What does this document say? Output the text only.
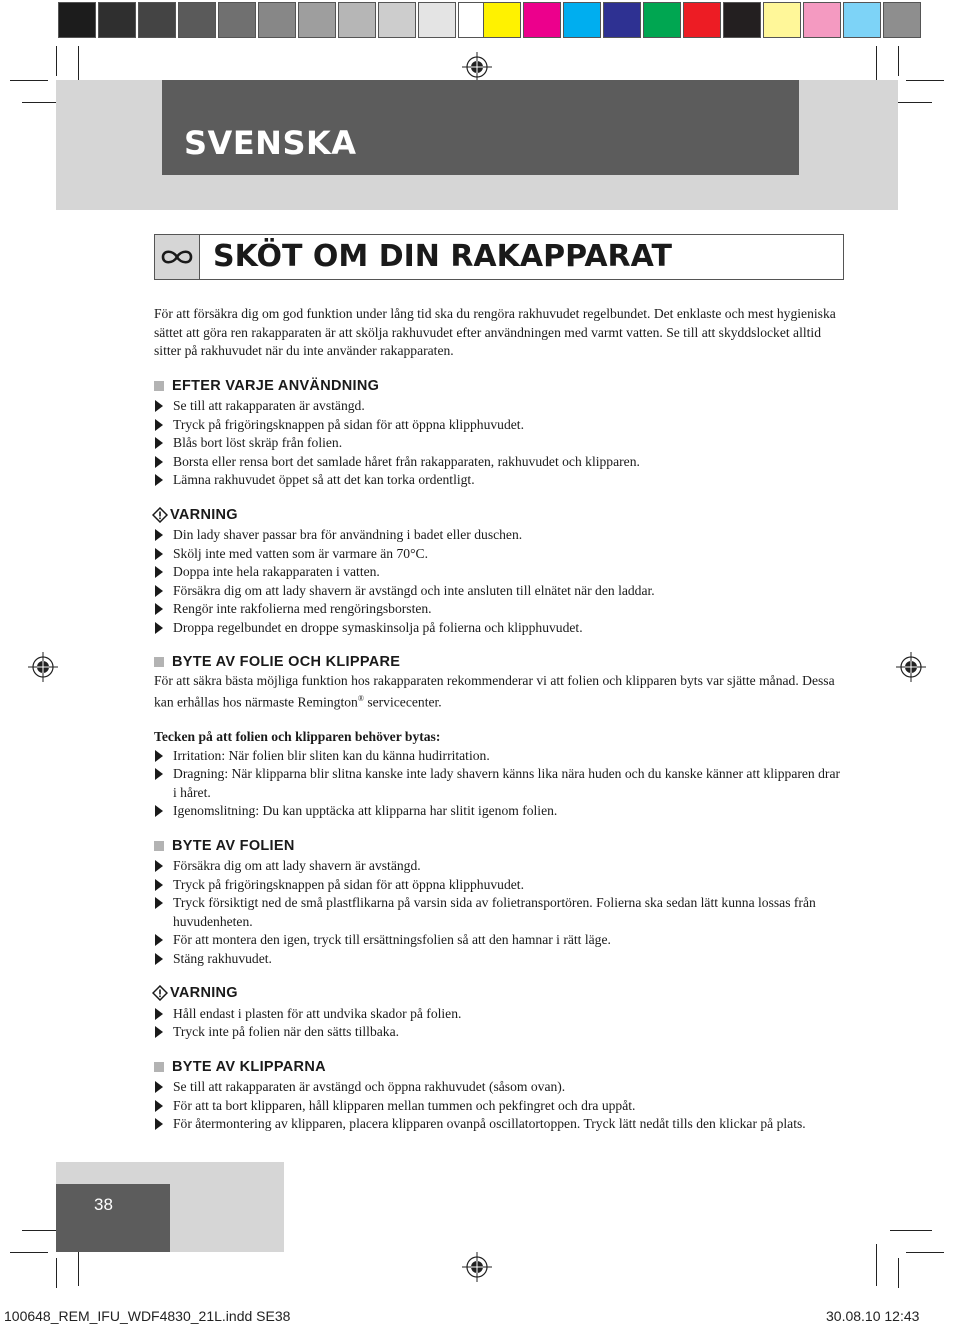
SVENSKA
SKÖT OM DIN RAKAPPARAT

För att försäkra dig om god funktion under lång tid ska du rengöra rakhuvudet regelbundet. Det enklaste och mest hygieniska sättet att göra ren rakapparaten är att skölja rakhuvudet efter användningen med varmt vatten. Se till att skyddslocket alltid sitter på rakhuvudet när du inte använder rakapparaten.

EFTER VARJE ANVÄNDNING
Se till att rakapparaten är avstängd.
Tryck på frigöringsknappen på sidan för att öppna klipphuvudet.
Blås bort löst skräp från folien.
Borsta eller rensa bort det samlade håret från rakapparaten, rakhuvudet och klipparen.
Lämna rakhuvudet öppet så att det kan torka ordentligt.
VARNING
Din lady shaver passar bra för användning i badet eller duschen.
Skölj inte med vatten som är varmare än 70°C.
Doppa inte hela rakapparaten i vatten.
Försäkra dig om att lady shavern är avstängd och inte ansluten till elnätet när den laddar.
Rengör inte rakfolierna med rengöringsborsten.
Droppa regelbundet en droppe symaskinsolja på folierna och klipphuvudet.
BYTE AV FOLIE OCH KLIPPARE

För att säkra bästa möjliga funktion hos rakapparaten rekommenderar vi att folien och klipparen byts var sjätte månad. Dessa kan erhållas hos närmaste Remington® servicecenter.

Tecken på att folien och klipparen behöver bytas:

Irritation: När folien blir sliten kan du känna hudirritation.
Dragning: När klipparna blir slitna kanske inte lady shavern känns lika nära huden och du kanske känner att klipparen drar i håret.
Igenomslitning: Du kan upptäcka att klipparna har slitit igenom folien.
BYTE AV FOLIEN
Försäkra dig om att lady shavern är avstängd.
Tryck på frigöringsknappen på sidan för att öppna klipphuvudet.
Tryck försiktigt ned de små plastflikarna på varsin sida av folietransportören. Folierna ska sedan lätt kunna lossas från huvudenheten.
För att montera den igen, tryck till ersättningsfolien så att den hamnar i rätt läge.
Stäng rakhuvudet.
VARNING
Håll endast i plasten för att undvika skador på folien.
Tryck inte på folien när den sätts tillbaka.
BYTE AV KLIPPARNA
Se till att rakapparaten är avstängd och öppna rakhuvudet (såsom ovan).
För att ta bort klipparen, håll klipparen mellan tummen och pekfingret och dra uppåt.
För återmontering av klipparen, placera klipparen ovanpå oscillatortoppen. Tryck lätt nedåt tills den klickar på plats.
38
100648_REM_IFU_WDF4830_21L.indd SE38	30.08.10 12:43
